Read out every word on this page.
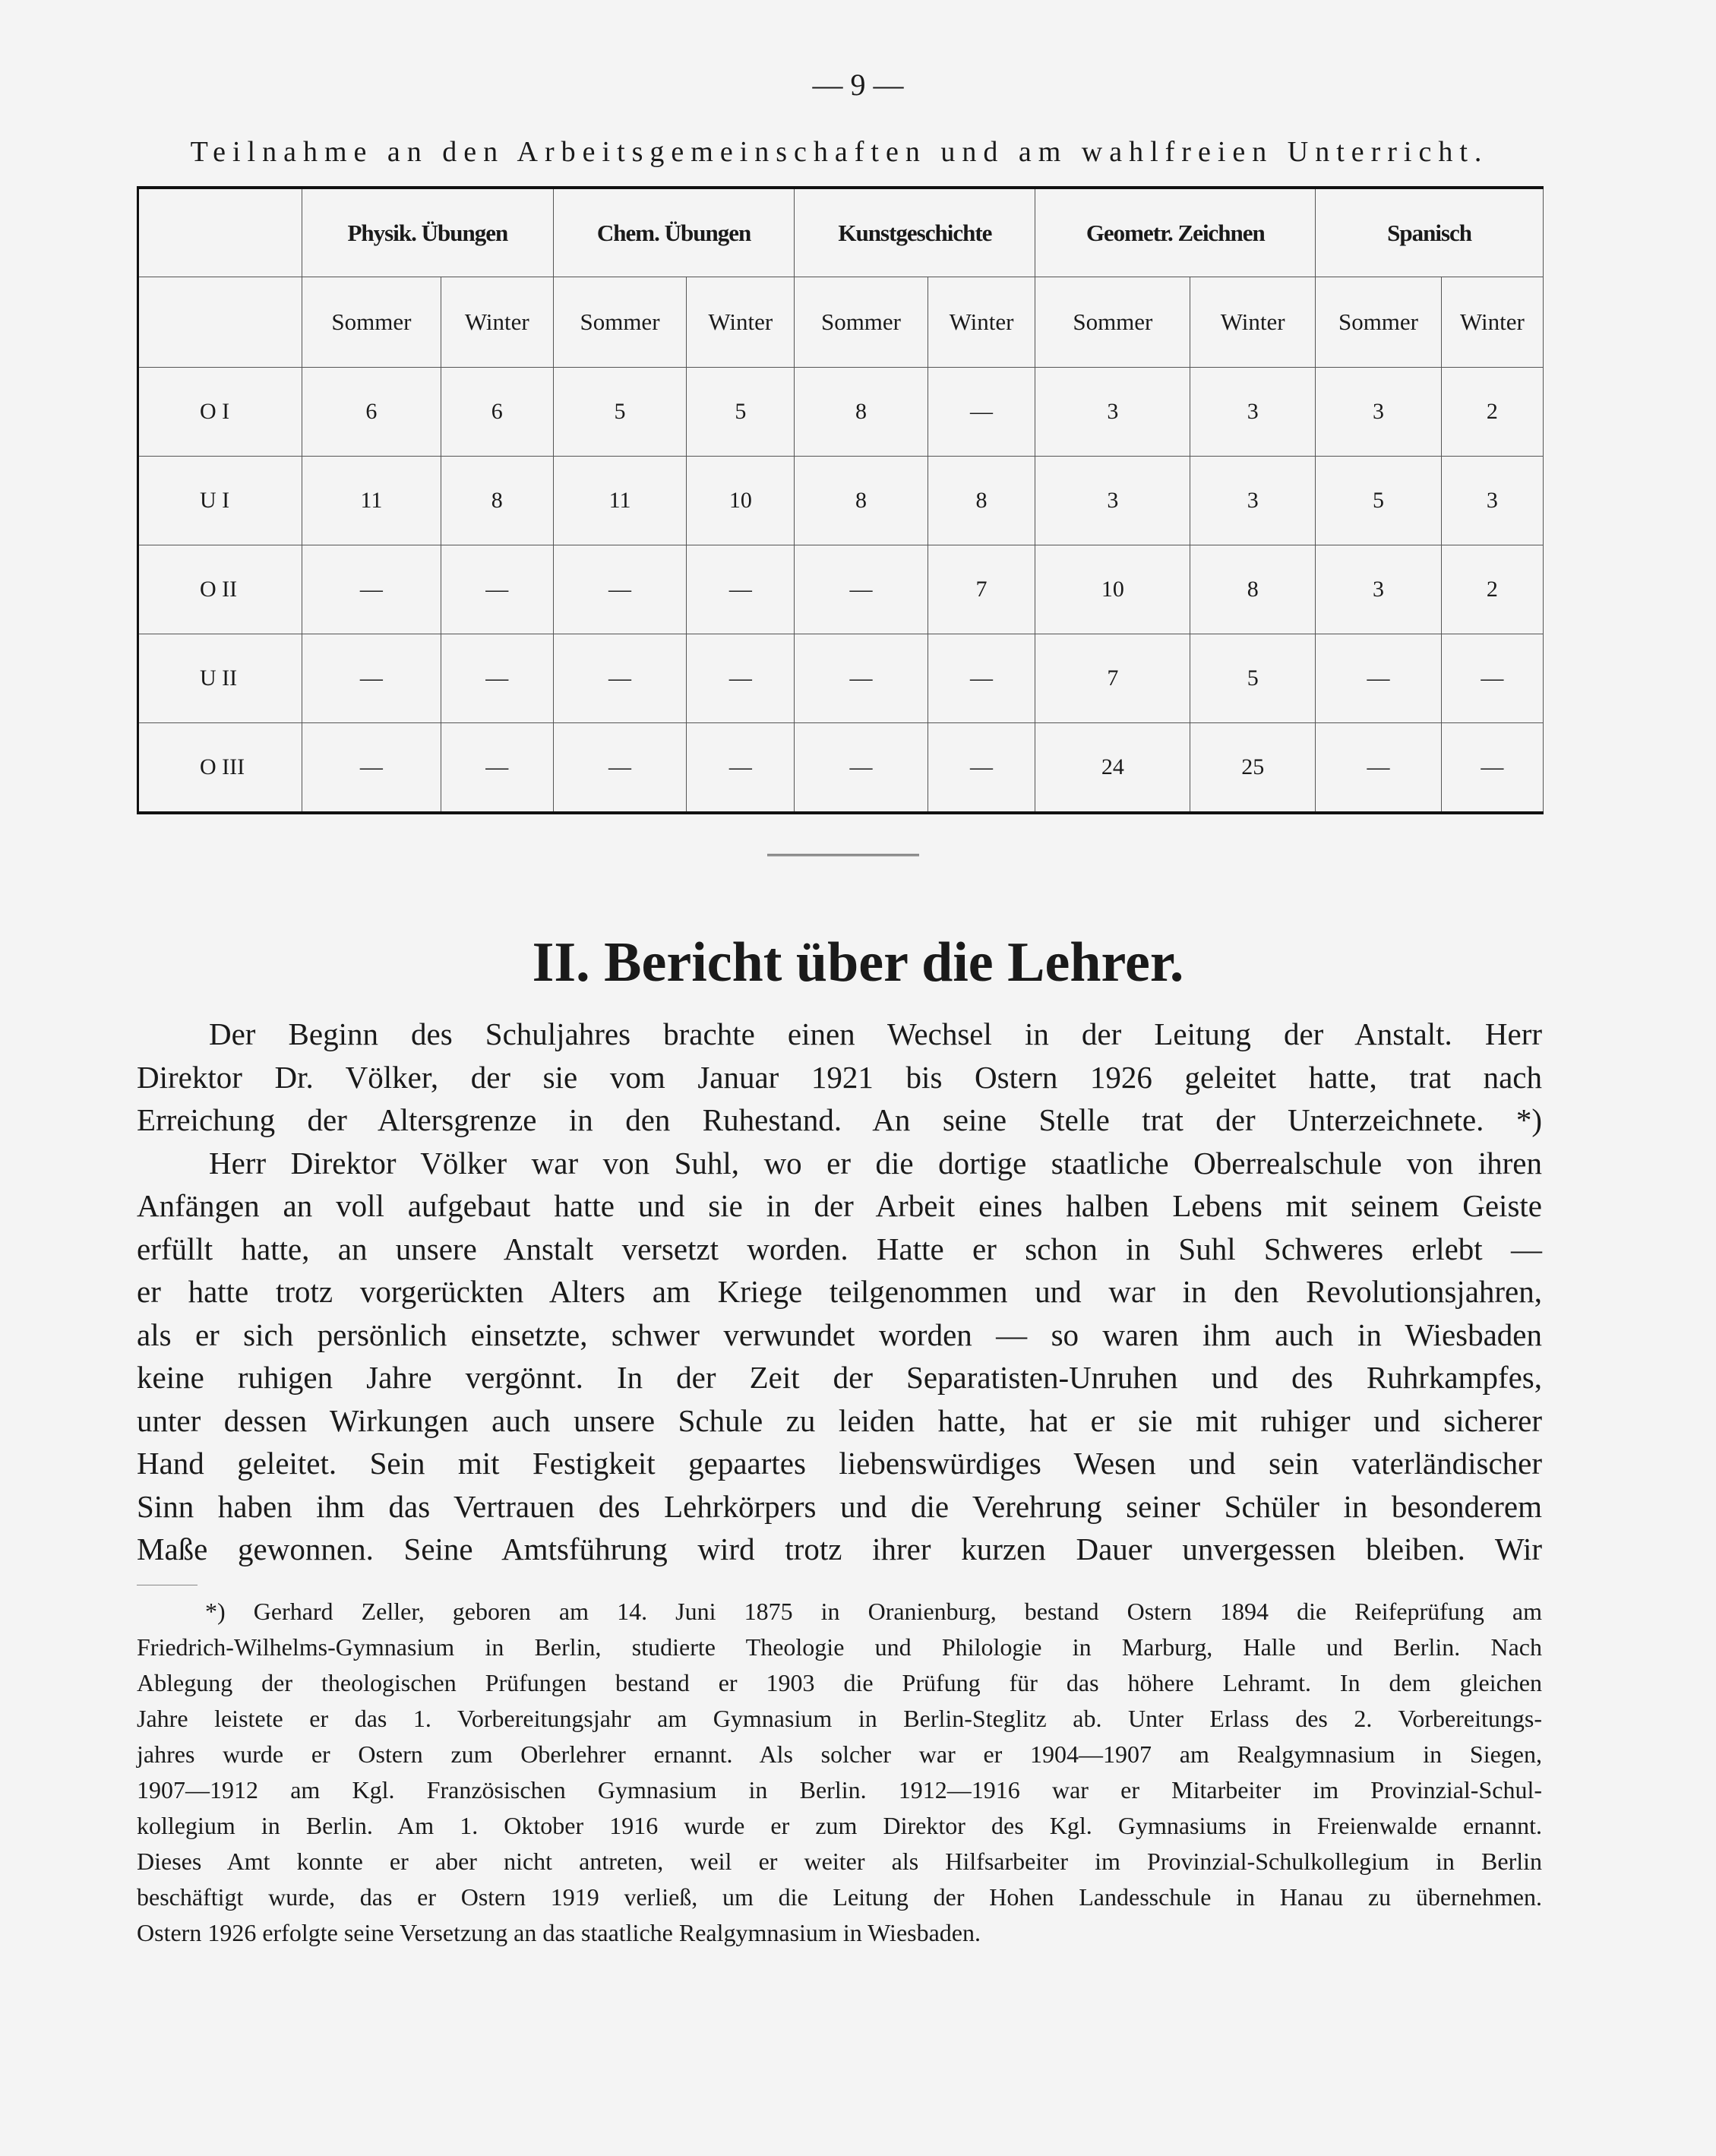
— 9 —
Teilnahme an den Arbeitsgemeinschaften und am wahlfreien Unterricht.
	Physik. Übungen		Chem. Übungen		Kunstgeschichte		Geometr. Zeichnen		Spanisch	
	Sommer	Winter	Sommer	Winter	Sommer	Winter	Sommer	Winter	Sommer	Winter
O I	6	6	5	5	8	—	3	3	3	2
U I	11	8	11	10	8	8	3	3	5	3
O II	—	—	—	—	—	7	10	8	3	2
U II	—	—	—	—	—	—	7	5	—	—
O III	—	—	—	—	—	—	24	25	—	—
II. Bericht über die Lehrer.
Der Beginn des Schuljahres brachte einen Wechsel in der Leitung der Anstalt. Herr
Direktor Dr. Völker, der sie vom Januar 1921 bis Ostern 1926 geleitet hatte, trat nach
Erreichung der Altersgrenze in den Ruhestand. An seine Stelle trat der Unterzeichnete. *)
Herr Direktor Völker war von Suhl, wo er die dortige staatliche Oberrealschule von ihren
Anfängen an voll aufgebaut hatte und sie in der Arbeit eines halben Lebens mit seinem Geiste
erfüllt hatte, an unsere Anstalt versetzt worden. Hatte er schon in Suhl Schweres erlebt —
er hatte trotz vorgerückten Alters am Kriege teilgenommen und war in den Revolutionsjahren,
als er sich persönlich einsetzte, schwer verwundet worden — so waren ihm auch in Wiesbaden
keine ruhigen Jahre vergönnt. In der Zeit der Separatisten-Unruhen und des Ruhrkampfes,
unter dessen Wirkungen auch unsere Schule zu leiden hatte, hat er sie mit ruhiger und sicherer
Hand geleitet. Sein mit Festigkeit gepaartes liebenswürdiges Wesen und sein vaterländischer
Sinn haben ihm das Vertrauen des Lehrkörpers und die Verehrung seiner Schüler in besonderem
Maße gewonnen. Seine Amtsführung wird trotz ihrer kurzen Dauer unvergessen bleiben. Wir
*) Gerhard Zeller, geboren am 14. Juni 1875 in Oranienburg, bestand Ostern 1894 die Reifeprüfung am
Friedrich-Wilhelms-Gymnasium in Berlin, studierte Theologie und Philologie in Marburg, Halle und Berlin. Nach
Ablegung der theologischen Prüfungen bestand er 1903 die Prüfung für das höhere Lehramt. In dem gleichen
Jahre leistete er das 1. Vorbereitungsjahr am Gymnasium in Berlin-Steglitz ab. Unter Erlass des 2. Vorbereitungs-
jahres wurde er Ostern zum Oberlehrer ernannt. Als solcher war er 1904—1907 am Realgymnasium in Siegen,
1907—1912 am Kgl. Französischen Gymnasium in Berlin. 1912—1916 war er Mitarbeiter im Provinzial-Schul-
kollegium in Berlin. Am 1. Oktober 1916 wurde er zum Direktor des Kgl. Gymnasiums in Freienwalde ernannt.
Dieses Amt konnte er aber nicht antreten, weil er weiter als Hilfsarbeiter im Provinzial-Schulkollegium in Berlin
beschäftigt wurde, das er Ostern 1919 verließ, um die Leitung der Hohen Landesschule in Hanau zu übernehmen.
Ostern 1926 erfolgte seine Versetzung an das staatliche Realgymnasium in Wiesbaden.
